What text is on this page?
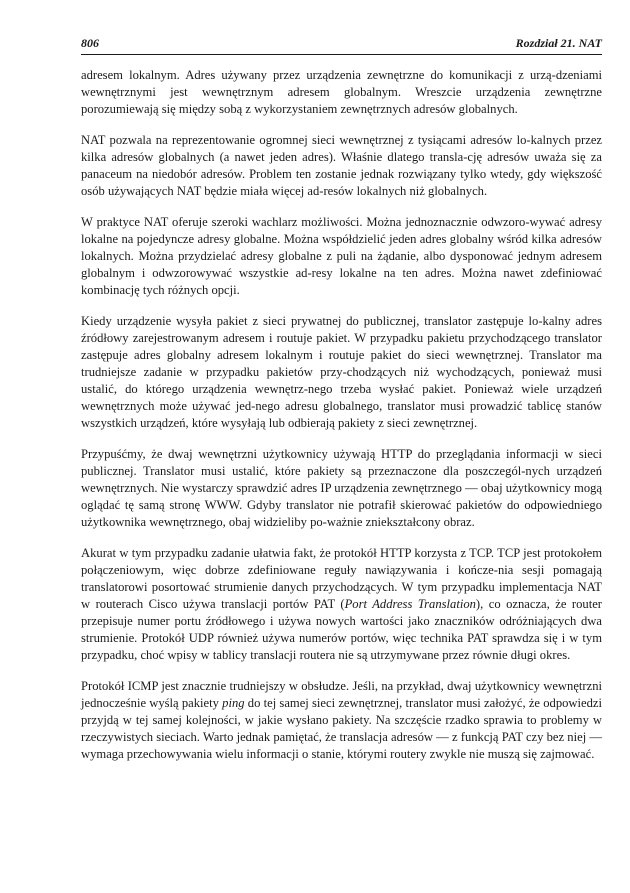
806	Rozdział 21. NAT

adresem lokalnym. Adres używany przez urządzenia zewnętrzne do komunikacji z urzą-dzeniami wewnętrznymi jest wewnętrznym adresem globalnym. Wreszcie urządzenia zewnętrzne porozumiewają się między sobą z wykorzystaniem zewnętrznych adresów globalnych.

NAT pozwala na reprezentowanie ogromnej sieci wewnętrznej z tysiącami adresów lo-kalnych przez kilka adresów globalnych (a nawet jeden adres). Właśnie dlatego transla-cję adresów uważa się za panaceum na niedobór adresów. Problem ten zostanie jednak rozwiązany tylko wtedy, gdy większość osób używających NAT będzie miała więcej ad-resów lokalnych niż globalnych.

W praktyce NAT oferuje szeroki wachlarz możliwości. Można jednoznacznie odwzoro-wywać adresy lokalne na pojedyncze adresy globalne. Można współdzielić jeden adres globalny wśród kilka adresów lokalnych. Można przydzielać adresy globalne z puli na żądanie, albo dysponować jednym adresem globalnym i odwzorowywać wszystkie ad-resy lokalne na ten adres. Można nawet zdefiniować kombinację tych różnych opcji.

Kiedy urządzenie wysyła pakiet z sieci prywatnej do publicznej, translator zastępuje lo-kalny adres źródłowy zarejestrowanym adresem i routuje pakiet. W przypadku pakietu przychodzącego translator zastępuje adres globalny adresem lokalnym i routuje pakiet do sieci wewnętrznej. Translator ma trudniejsze zadanie w przypadku pakietów przy-chodzących niż wychodzących, ponieważ musi ustalić, do którego urządzenia wewnętrz-nego trzeba wysłać pakiet. Ponieważ wiele urządzeń wewnętrznych może używać jed-nego adresu globalnego, translator musi prowadzić tablicę stanów wszystkich urządzeń, które wysyłają lub odbierają pakiety z sieci zewnętrznej.

Przypuśćmy, że dwaj wewnętrzni użytkownicy używają HTTP do przeglądania informacji w sieci publicznej. Translator musi ustalić, które pakiety są przeznaczone dla poszczegól-nych urządzeń wewnętrznych. Nie wystarczy sprawdzić adres IP urządzenia zewnętrznego — obaj użytkownicy mogą oglądać tę samą stronę WWW. Gdyby translator nie potrafił skierować pakietów do odpowiedniego użytkownika wewnętrznego, obaj widzieliby po-ważnie zniekształcony obraz.

Akurat w tym przypadku zadanie ułatwia fakt, że protokół HTTP korzysta z TCP. TCP jest protokołem połączeniowym, więc dobrze zdefiniowane reguły nawiązywania i kończe-nia sesji pomagają translatorowi posortować strumienie danych przychodzących. W tym przypadku implementacja NAT w routerach Cisco używa translacji portów PAT (Port Address Translation), co oznacza, że router przepisuje numer portu źródłowego i używa nowych wartości jako znaczników odróżniających dwa strumienie. Protokół UDP również używa numerów portów, więc technika PAT sprawdza się i w tym przypadku, choć wpisy w tablicy translacji routera nie są utrzymywane przez równie długi okres.

Protokół ICMP jest znacznie trudniejszy w obsłudze. Jeśli, na przykład, dwaj użytkownicy wewnętrzni jednocześnie wyślą pakiety ping do tej samej sieci zewnętrznej, translator musi założyć, że odpowiedzi przyjdą w tej samej kolejności, w jakie wysłano pakiety. Na szczęście rzadko sprawia to problemy w rzeczywistych sieciach. Warto jednak pamiętać, że translacja adresów — z funkcją PAT czy bez niej — wymaga przechowywania wielu informacji o stanie, którymi routery zwykle nie muszą się zajmować.
